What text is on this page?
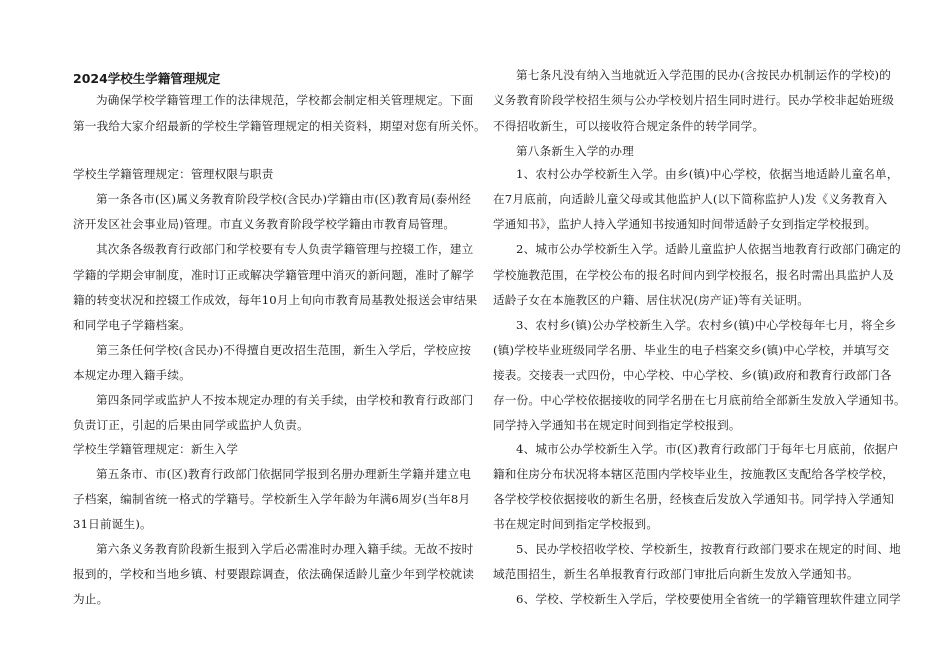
2024学校生学籍管理规定
为确保学校学籍管理工作的法律规范，学校都会制定相关管理规定。下面
第一我给大家介绍最新的学校生学籍管理规定的相关资料，期望对您有所关怀。
学校生学籍管理规定：管理权限与职责
第一条各市(区)属义务教育阶段学校(含民办)学籍由市(区)教育局(泰州经
济开发区社会事业局)管理。市直义务教育阶段学校学籍由市教育局管理。
其次条各级教育行政部门和学校要有专人负责学籍管理与控辍工作，建立
学籍的学期会审制度，准时订正或解决学籍管理中消灭的新问题，准时了解学
籍的转变状况和控辍工作成效，每年10月上旬向市教育局基教处报送会审结果
和同学电子学籍档案。
第三条任何学校(含民办)不得擅自更改招生范围，新生入学后，学校应按
本规定办理入籍手续。
第四条同学或监护人不按本规定办理的有关手续，由学校和教育行政部门
负责订正，引起的后果由同学或监护人负责。
学校生学籍管理规定：新生入学
第五条市、市(区)教育行政部门依据同学报到名册办理新生学籍并建立电
子档案，编制省统一格式的学籍号。学校新生入学年龄为年满6周岁(当年8月
31日前诞生)。
第六条义务教育阶段新生报到入学后必需准时办理入籍手续。无故不按时
报到的，学校和当地乡镇、村要跟踪调查，依法确保适龄儿童少年到学校就读
为止。
第七条凡没有纳入当地就近入学范围的民办(含按民办机制运作的学校)的
义务教育阶段学校招生须与公办学校划片招生同时进行。民办学校非起始班级
不得招收新生，可以接收符合规定条件的转学同学。
第八条新生入学的办理
1、农村公办学校新生入学。由乡(镇)中心学校，依据当地适龄儿童名单，
在7月底前，向适龄儿童父母或其他监护人(以下简称监护人)发《义务教育入
学通知书》，监护人持入学通知书按通知时间带适龄子女到指定学校报到。
2、城市公办学校新生入学。适龄儿童监护人依据当地教育行政部门确定的
学校施教范围，在学校公布的报名时间内到学校报名，报名时需出具监护人及
适龄子女在本施教区的户籍、居住状况(房产证)等有关证明。
3、农村乡(镇)公办学校新生入学。农村乡(镇)中心学校每年七月，将全乡
(镇)学校毕业班级同学名册、毕业生的电子档案交乡(镇)中心学校，并填写交
接表。交接表一式四份，中心学校、中心学校、乡(镇)政府和教育行政部门各
存一份。中心学校依据接收的同学名册在七月底前给全部新生发放入学通知书。
同学持入学通知书在规定时间到指定学校报到。
4、城市公办学校新生入学。市(区)教育行政部门于每年七月底前，依据户
籍和住房分布状况将本辖区范围内学校毕业生，按施教区支配给各学校学校，
各学校学校依据接收的新生名册，经核查后发放入学通知书。同学持入学通知
书在规定时间到指定学校报到。
5、民办学校招收学校、学校新生，按教育行政部门要求在规定的时间、地
域范围招生，新生名单报教育行政部门审批后向新生发放入学通知书。
6、学校、学校新生入学后，学校要使用全省统一的学籍管理软件建立同学
